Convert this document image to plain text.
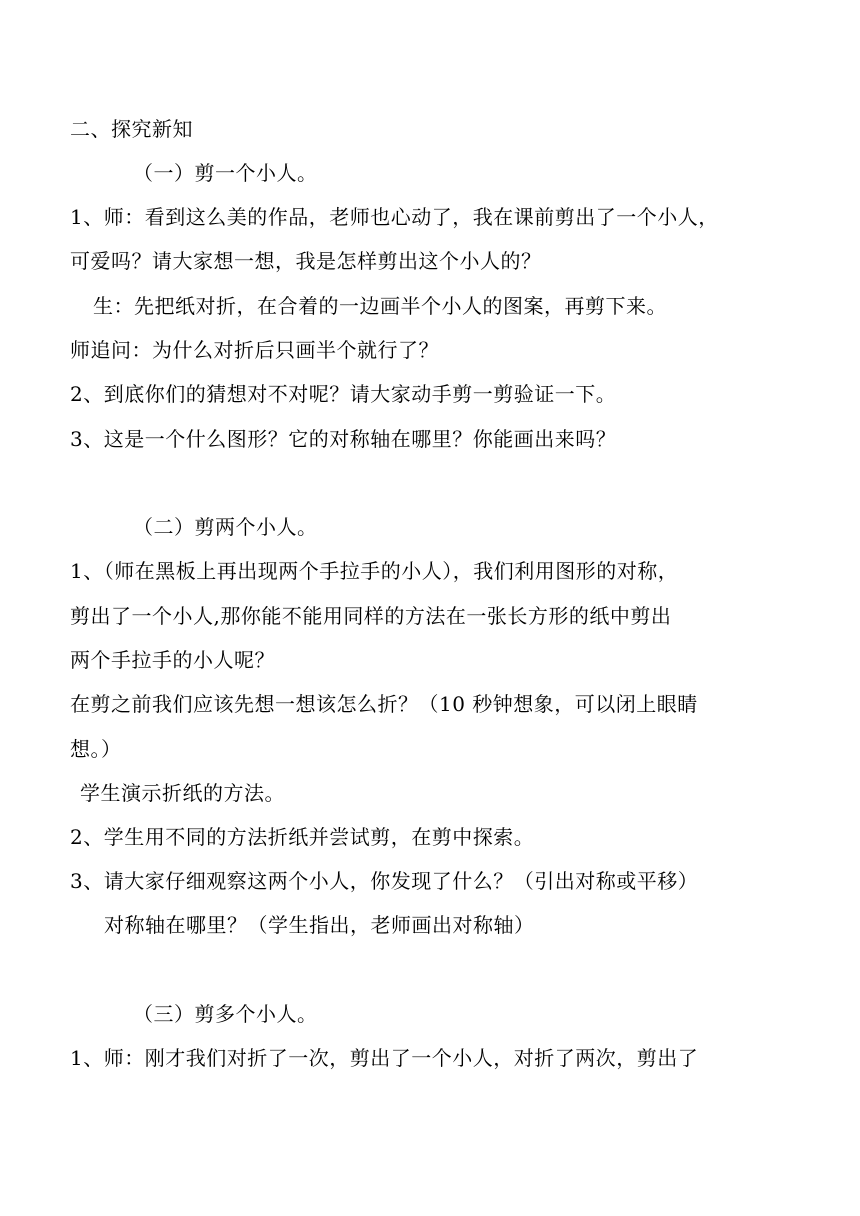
二、探究新知
（一）剪一个小人。
1、师：看到这么美的作品，老师也心动了，我在课前剪出了一个小人，
可爱吗？请大家想一想，我是怎样剪出这个小人的？
生：先把纸对折，在合着的一边画半个小人的图案，再剪下来。
师追问：为什么对折后只画半个就行了？
2、到底你们的猜想对不对呢？请大家动手剪一剪验证一下。
3、这是一个什么图形？它的对称轴在哪里？你能画出来吗？
（二）剪两个小人。
1、（师在黑板上再出现两个手拉手的小人），我们利用图形的对称，
剪出了一个小人,那你能不能用同样的方法在一张长方形的纸中剪出
两个手拉手的小人呢？
在剪之前我们应该先想一想该怎么折？（10 秒钟想象，可以闭上眼睛
想。）
学生演示折纸的方法。
2、学生用不同的方法折纸并尝试剪，在剪中探索。
3、请大家仔细观察这两个小人，你发现了什么？（引出对称或平移）
对称轴在哪里？（学生指出，老师画出对称轴）
（三）剪多个小人。
1、师：刚才我们对折了一次，剪出了一个小人，对折了两次，剪出了
